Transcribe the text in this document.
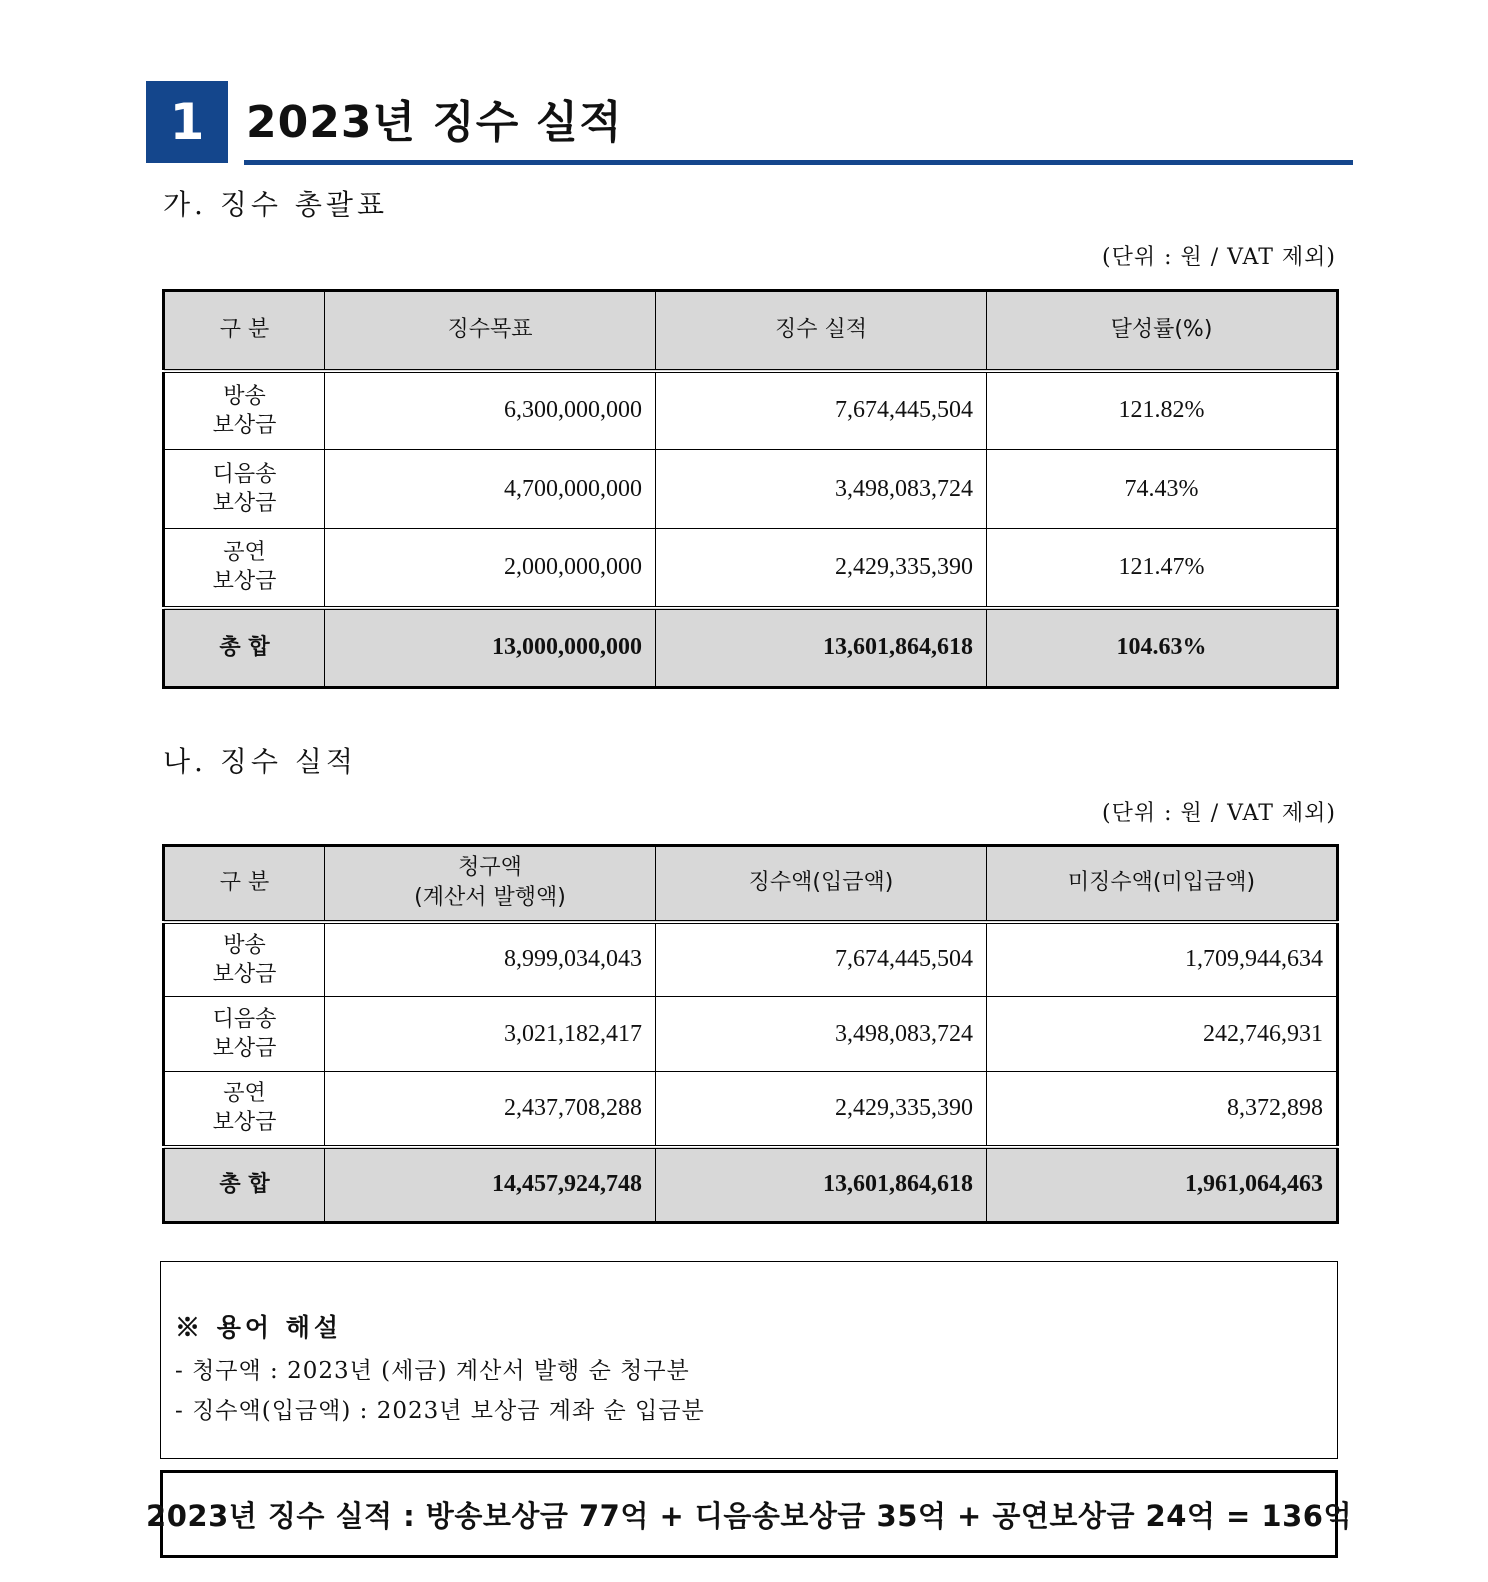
1 2023년 징수 실적
가. 징수 총괄표
(단위 : 원 / VAT 제외)
구 분	징수목표	징수 실적	달성률(%)
방송
보상금	6,300,000,000	7,674,445,504	121.82%
디음송
보상금	4,700,000,000	3,498,083,724	74.43%
공연
보상금	2,000,000,000	2,429,335,390	121.47%
총 합	13,000,000,000	13,601,864,618	104.63%
나. 징수 실적
(단위 : 원 / VAT 제외)
구 분	청구액
(계산서 발행액)	징수액(입금액)	미징수액(미입금액)
방송
보상금	8,999,034,043	7,674,445,504	1,709,944,634
디음송
보상금	3,021,182,417	3,498,083,724	242,746,931
공연
보상금	2,437,708,288	2,429,335,390	8,372,898
총 합	14,457,924,748	13,601,864,618	1,961,064,463
※ 용어 해설
- 청구액 : 2023년 (세금) 계산서 발행 순 청구분
- 징수액(입금액) : 2023년 보상금 계좌 순 입금분
2023년 징수 실적 : 방송보상금 77억 + 디음송보상금 35억 + 공연보상금 24억 = 136억
